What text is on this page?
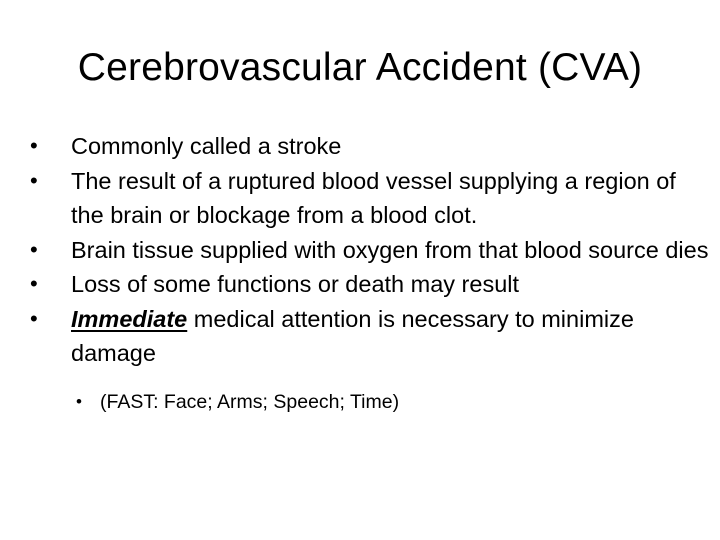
Cerebrovascular Accident (CVA)
•	Commonly called a stroke
•	The result of a ruptured blood vessel supplying a region of the brain or blockage from a blood clot.
•	Brain tissue supplied with oxygen from that blood source dies
•	Loss of some functions or death may result
•	Immediate medical attention is necessary to minimize damage
• (FAST: Face; Arms; Speech; Time)
